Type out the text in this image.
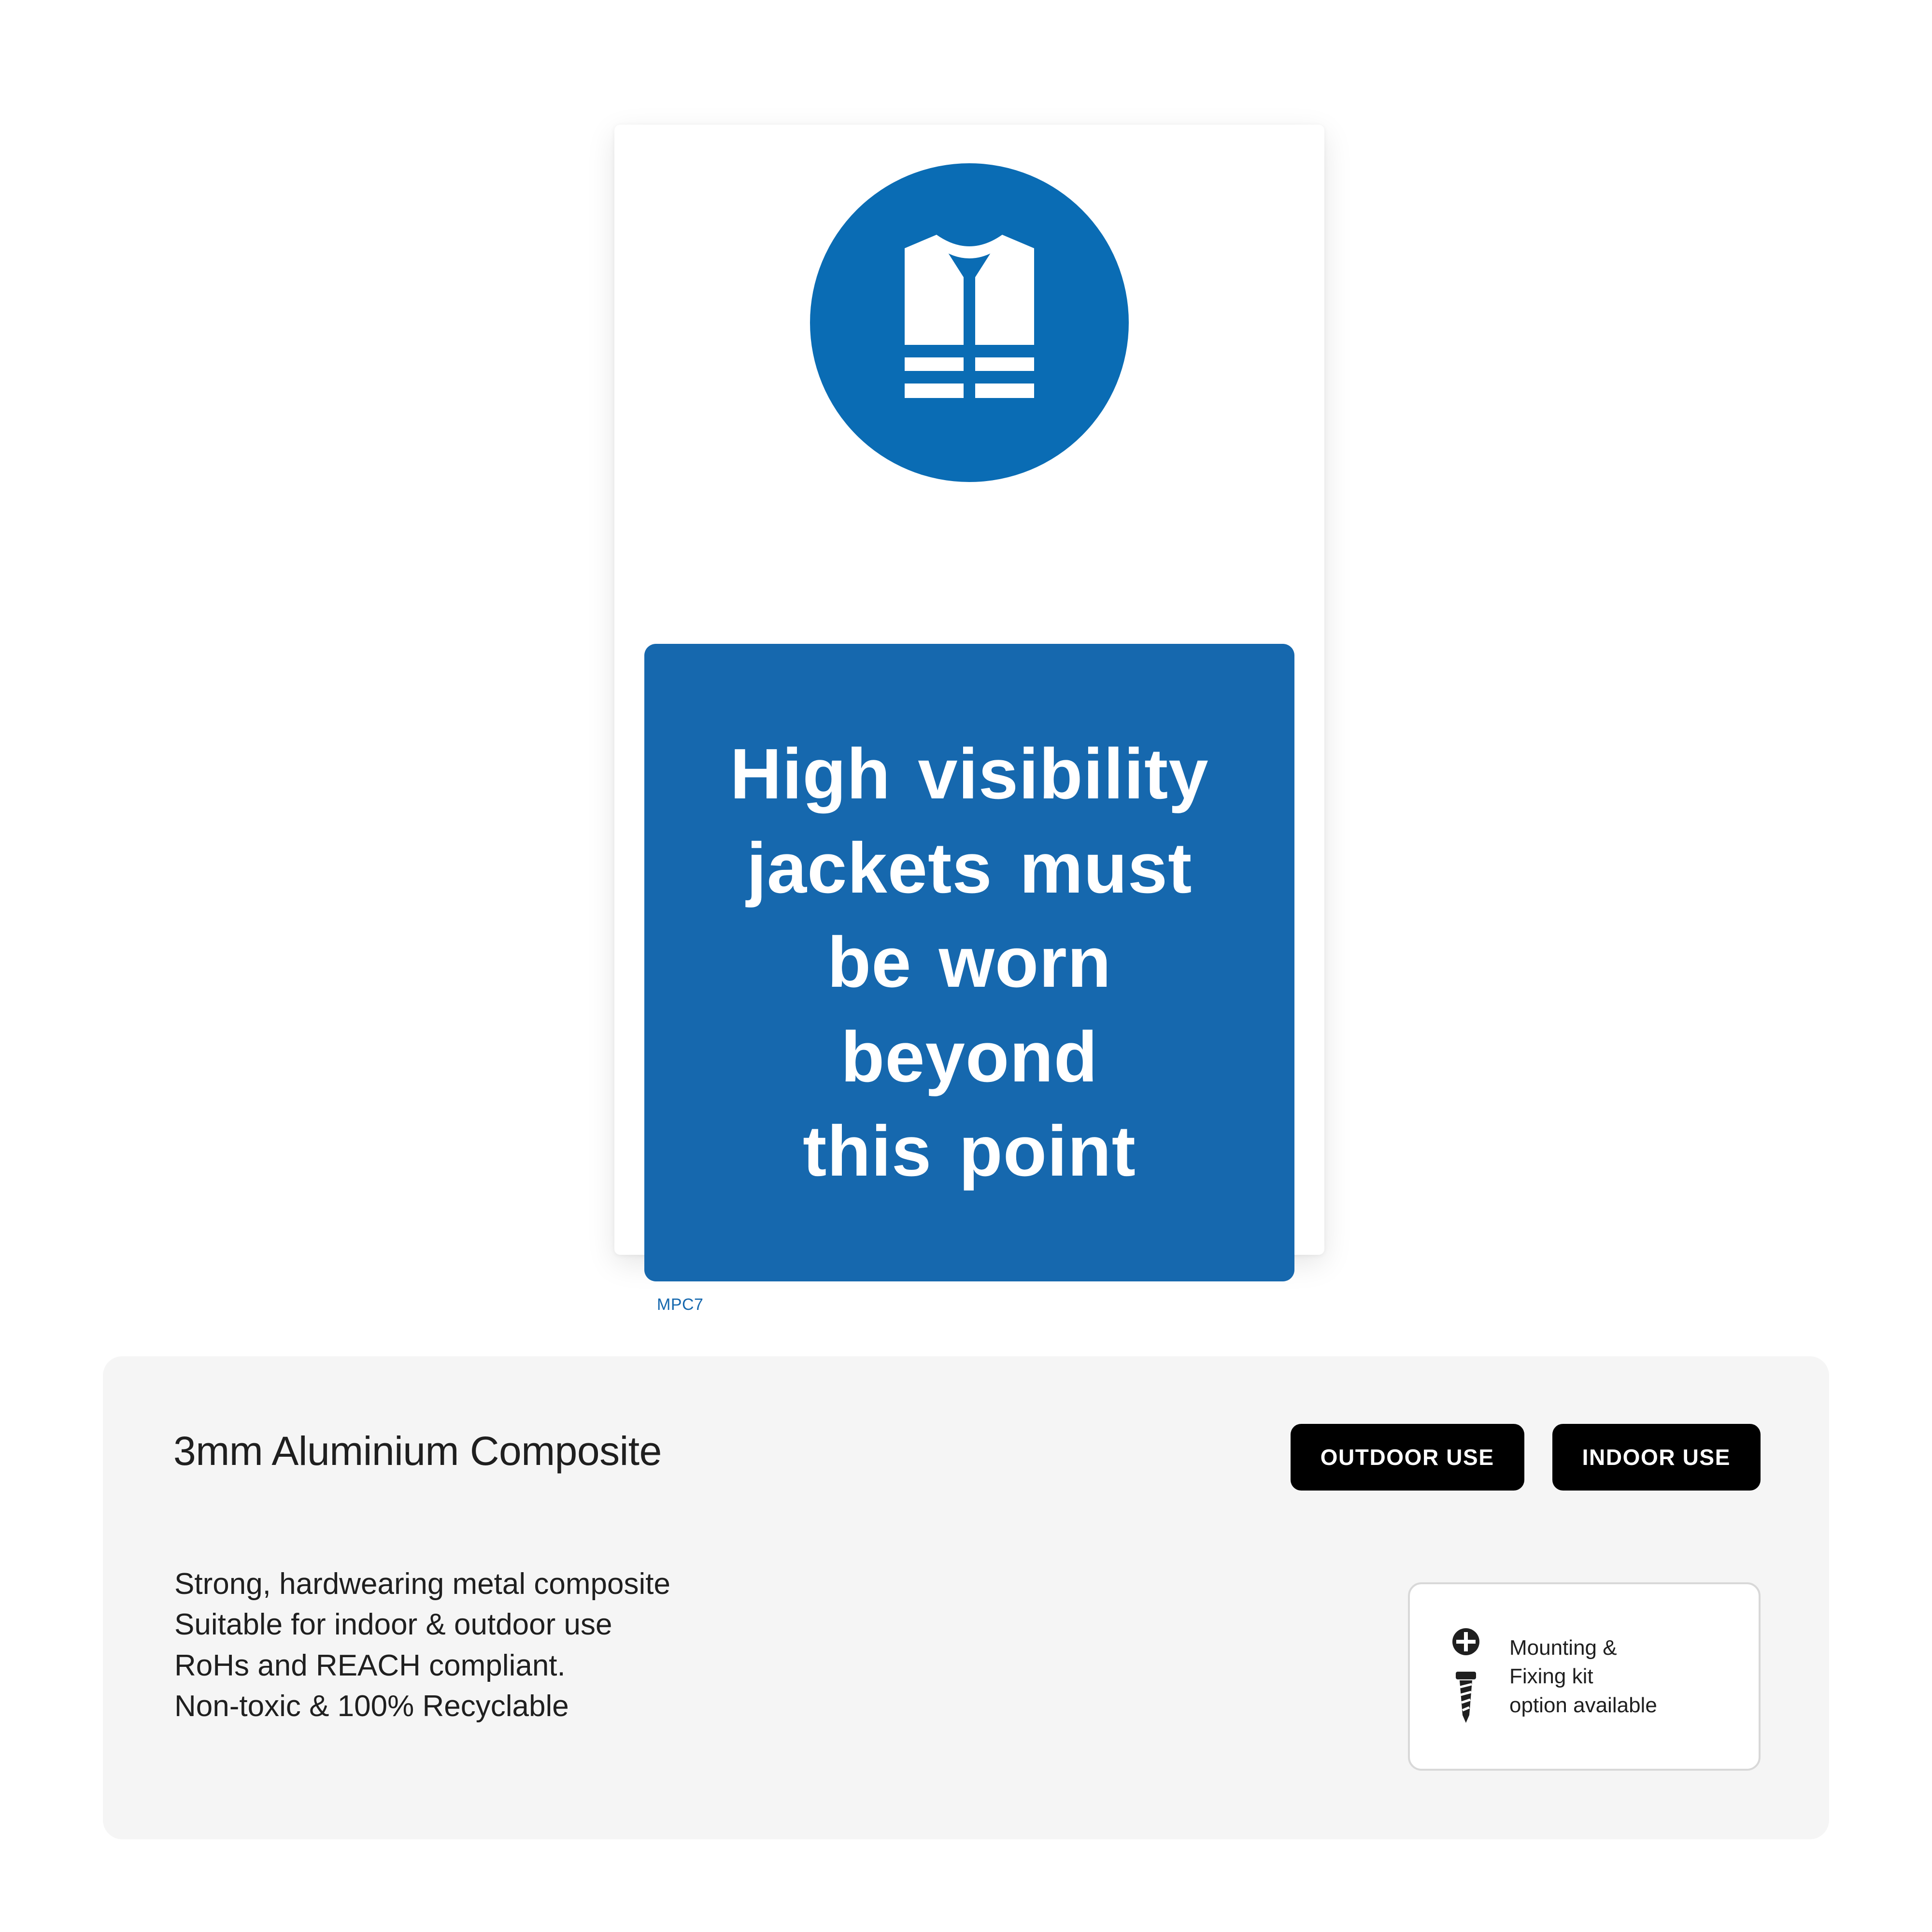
High visibility
jackets must
be worn
beyond
this point
MPC7
3mm Aluminium Composite
Strong, hardwearing metal composite
Suitable for indoor & outdoor use
RoHs and REACH compliant.
Non-toxic & 100% Recyclable
OUTDOOR USE	INDOOR USE
Mounting &
Fixing kit
option available
